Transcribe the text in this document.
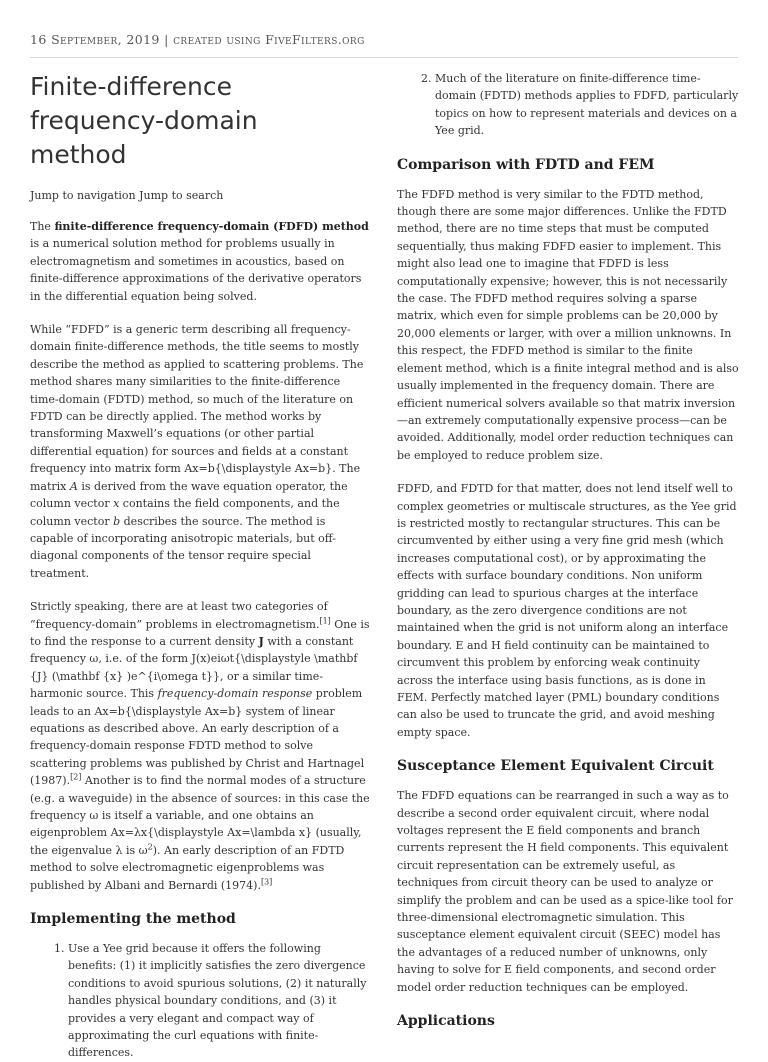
16 September, 2019 | created using FiveFilters.org
Finite-difference
frequency-domain
method
Jump to navigation Jump to search

The finite-difference frequency-domain (FDFD) method is a numerical solution method for problems usually in electromagnetism and sometimes in acoustics, based on finite-difference approximations of the derivative operators in the differential equation being solved.

While “FDFD” is a generic term describing all frequency-domain finite-difference methods, the title seems to mostly describe the method as applied to scattering problems. The method shares many similarities to the finite-difference time-domain (FDTD) method, so much of the literature on FDTD can be directly applied. The method works by transforming Maxwell’s equations (or other partial differential equation) for sources and fields at a constant frequency into matrix form Ax=b{\displaystyle Ax=b}. The matrix A is derived from the wave equation operator, the column vector x contains the field components, and the column vector b describes the source. The method is capable of incorporating anisotropic materials, but off-diagonal components of the tensor require special treatment.

Strictly speaking, there are at least two categories of “frequency-domain” problems in electromagnetism.[1] One is to find the response to a current density J with a constant frequency ω, i.e. of the form J(x)eiωt{\displaystyle \mathbf {J} (\mathbf {x} )e^{i\omega t}}, or a similar time-harmonic source. This frequency-domain response problem leads to an Ax=b{\displaystyle Ax=b} system of linear equations as described above. An early description of a frequency-domain response FDTD method to solve scattering problems was published by Christ and Hartnagel (1987).[2] Another is to find the normal modes of a structure (e.g. a waveguide) in the absence of sources: in this case the frequency ω is itself a variable, and one obtains an eigenproblem Ax=λx{\displaystyle Ax=\lambda x} (usually, the eigenvalue λ is $\omega^2$). An early description of an FDTD method to solve electromagnetic eigenproblems was published by Albani and Bernardi (1974).[3]

Implementing the method
1. Use a Yee grid because it offers the following benefits: (1) it implicitly satisfies the zero divergence conditions to avoid spurious solutions, (2) it naturally handles physical boundary conditions, and (3) it provides a very elegant and compact way of approximating the curl equations with finite-differences.
2. Much of the literature on finite-difference time-domain (FDTD) methods applies to FDFD, particularly topics on how to represent materials and devices on a Yee grid.
Comparison with FDTD and FEM

The FDFD method is very similar to the FDTD method, though there are some major differences. Unlike the FDTD method, there are no time steps that must be computed sequentially, thus making FDFD easier to implement. This might also lead one to imagine that FDFD is less computationally expensive; however, this is not necessarily the case. The FDFD method requires solving a sparse matrix, which even for simple problems can be 20,000 by 20,000 elements or larger, with over a million unknowns. In this respect, the FDFD method is similar to the finite element method, which is a finite integral method and is also usually implemented in the frequency domain. There are efficient numerical solvers available so that matrix inversion—an extremely computationally expensive process—can be avoided. Additionally, model order reduction techniques can be employed to reduce problem size.

FDFD, and FDTD for that matter, does not lend itself well to complex geometries or multiscale structures, as the Yee grid is restricted mostly to rectangular structures. This can be circumvented by either using a very fine grid mesh (which increases computational cost), or by approximating the effects with surface boundary conditions. Non uniform gridding can lead to spurious charges at the interface boundary, as the zero divergence conditions are not maintained when the grid is not uniform along an interface boundary. E and H field continuity can be maintained to circumvent this problem by enforcing weak continuity across the interface using basis functions, as is done in FEM. Perfectly matched layer (PML) boundary conditions can also be used to truncate the grid, and avoid meshing empty space.

Susceptance Element Equivalent Circuit

The FDFD equations can be rearranged in such a way as to describe a second order equivalent circuit, where nodal voltages represent the E field components and branch currents represent the H field components. This equivalent circuit representation can be extremely useful, as techniques from circuit theory can be used to analyze or simplify the problem and can be used as a spice-like tool for three-dimensional electromagnetic simulation. This susceptance element equivalent circuit (SEEC) model has the advantages of a reduced number of unknowns, only having to solve for E field components, and second order model order reduction techniques can be employed.

Applications
